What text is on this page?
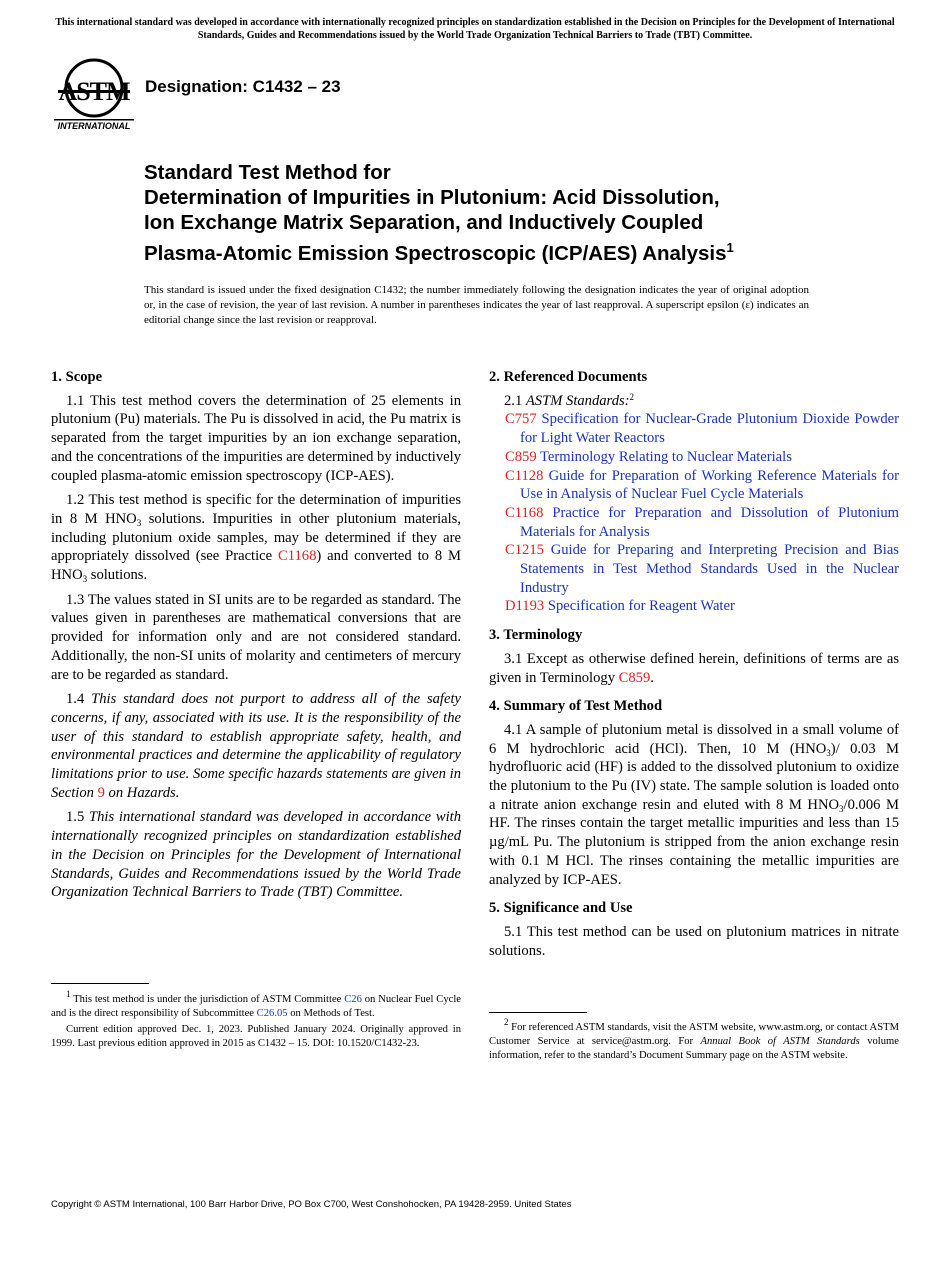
This international standard was developed in accordance with internationally recognized principles on standardization established in the Decision on Principles for the Development of International Standards, Guides and Recommendations issued by the World Trade Organization Technical Barriers to Trade (TBT) Committee.
ASTM
INTERNATIONAL
Designation: C1432 – 23
Standard Test Method for
Determination of Impurities in Plutonium: Acid Dissolution,
Ion Exchange Matrix Separation, and Inductively Coupled
Plasma-Atomic Emission Spectroscopic (ICP/AES) Analysis$^1$
This standard is issued under the fixed designation C1432; the number immediately following the designation indicates the year of original adoption or, in the case of revision, the year of last revision. A number in parentheses indicates the year of last reapproval. A superscript epsilon (ε) indicates an editorial change since the last revision or reapproval.
1. Scope

1.1 This test method covers the determination of 25 elements in plutonium (Pu) materials. The Pu is dissolved in acid, the Pu matrix is separated from the target impurities by an ion exchange separation, and the concentrations of the impurities are determined by inductively coupled plasma-atomic emission spectroscopy (ICP-AES).

1.2 This test method is specific for the determination of impurities in 8 M $HNO_3$ solutions. Impurities in other plutonium materials, including plutonium oxide samples, may be determined if they are appropriately dissolved (see Practice C1168) and converted to 8 M $HNO_3$ solutions.

1.3 The values stated in SI units are to be regarded as standard. The values given in parentheses are mathematical conversions that are provided for information only and are not considered standard. Additionally, the non-SI units of molarity and centimeters of mercury are to be regarded as standard.

1.4 This standard does not purport to address all of the safety concerns, if any, associated with its use. It is the responsibility of the user of this standard to establish appropriate safety, health, and environmental practices and determine the applicability of regulatory limitations prior to use. Some specific hazards statements are given in Section 9 on Hazards.

1.5 This international standard was developed in accordance with internationally recognized principles on standardization established in the Decision on Principles for the Development of International Standards, Guides and Recommendations issued by the World Trade Organization Technical Barriers to Trade (TBT) Committee.

$^1$ This test method is under the jurisdiction of ASTM Committee C26 on Nuclear Fuel Cycle and is the direct responsibility of Subcommittee C26.05 on Methods of Test.

Current edition approved Dec. 1, 2023. Published January 2024. Originally approved in 1999. Last previous edition approved in 2015 as C1432 – 15. DOI: 10.1520/C1432-23.

2. Referenced Documents

2.1 ASTM Standards:$^2$

C757 Specification for Nuclear-Grade Plutonium Dioxide Powder for Light Water Reactors
C859 Terminology Relating to Nuclear Materials
C1128 Guide for Preparation of Working Reference Materials for Use in Analysis of Nuclear Fuel Cycle Materials
C1168 Practice for Preparation and Dissolution of Plutonium Materials for Analysis
C1215 Guide for Preparing and Interpreting Precision and Bias Statements in Test Method Standards Used in the Nuclear Industry
D1193 Specification for Reagent Water
3. Terminology

3.1 Except as otherwise defined herein, definitions of terms are as given in Terminology C859.

4. Summary of Test Method

4.1 A sample of plutonium metal is dissolved in a small volume of 6 M hydrochloric acid (HCl). Then, 10 M $(HNO_3)/$ 0.03 M hydrofluoric acid (HF) is added to the dissolved plutonium to oxidize the plutonium to the Pu (IV) state. The sample solution is loaded onto a nitrate anion exchange resin and eluted with 8 M $HNO_3/0.006$ M HF. The rinses contain the target metallic impurities and less than 15 µg/mL Pu. The plutonium is stripped from the anion exchange resin with 0.1 M HCl. The rinses containing the metallic impurities are analyzed by ICP-AES.

5. Significance and Use

5.1 This test method can be used on plutonium matrices in nitrate solutions.

$^2$ For referenced ASTM standards, visit the ASTM website, www.astm.org, or contact ASTM Customer Service at service@astm.org. For Annual Book of ASTM Standards volume information, refer to the standard’s Document Summary page on the ASTM website.

Copyright © ASTM International, 100 Barr Harbor Drive, PO Box C700, West Conshohocken, PA 19428-2959. United States
